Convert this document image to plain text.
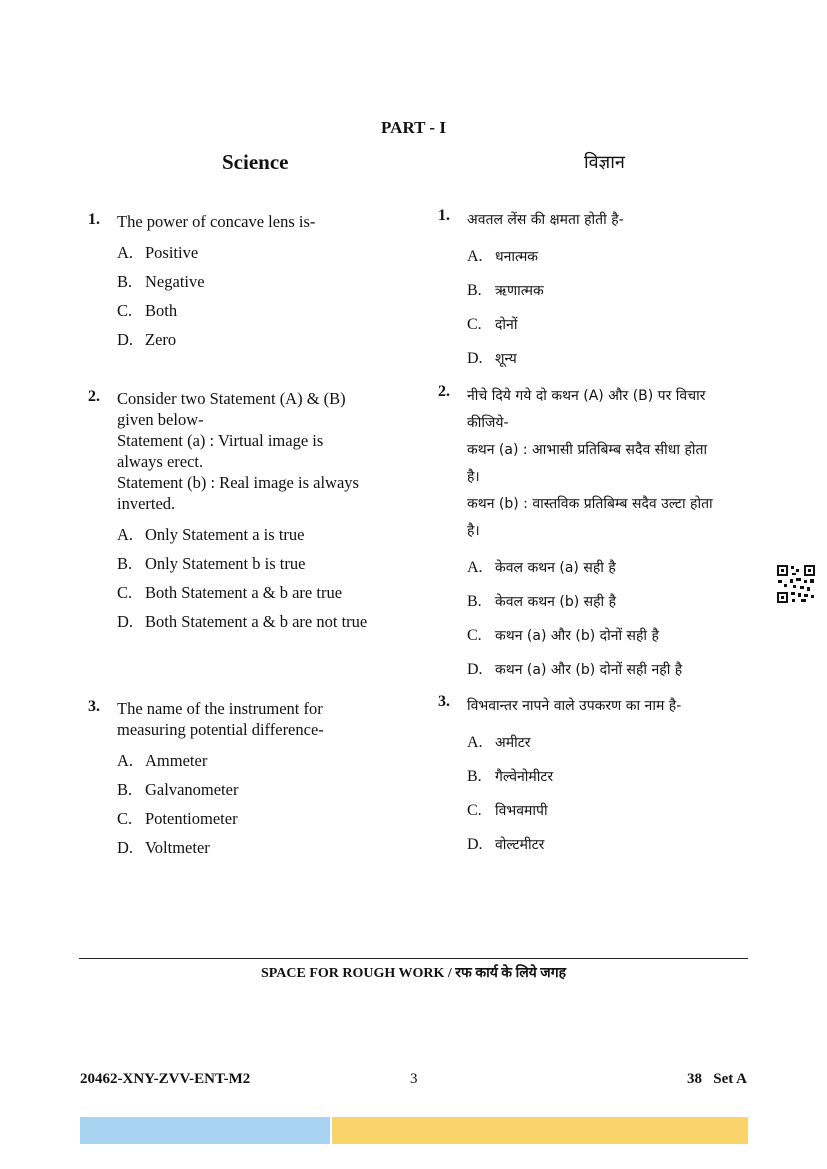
PART - I
Science	विज्ञान
1. The power of concave lens is-
A. Positive
B. Negative
C. Both
D. Zero
2. Consider two Statement (A) & (B)
given below-
Statement (a) : Virtual image is
always erect.
Statement (b) : Real image is always
inverted.
A. Only Statement a is true
B. Only Statement b is true
C. Both Statement a & b are true
D. Both Statement a & b are not true
3. The name of the instrument for
measuring potential difference-
A. Ammeter
B. Galvanometer
C. Potentiometer
D. Voltmeter
1. अवतल लेंस की क्षमता होती है-
A. धनात्मक
B. ऋणात्मक
C. दोनों
D. शून्य
2. नीचे दिये गये दो कथन (A) और (B) पर विचार
कीजिये-
कथन (a) : आभासी प्रतिबिम्ब सदैव सीधा होता
है।
कथन (b) : वास्तविक प्रतिबिम्ब सदैव उल्टा होता
है।
A. केवल कथन (a) सही है
B. केवल कथन (b) सही है
C. कथन (a) और (b) दोनों सही है
D. कथन (a) और (b) दोनों सही नही है
3. विभवान्तर नापने वाले उपकरण का नाम है-
A. अमीटर
B. गैल्वेनोमीटर
C. विभवमापी
D. वोल्टमीटर
SPACE FOR ROUGH WORK / रफ कार्य के लिये जगह
20462-XNY-ZVV-ENT-M2	3	38   Set A
